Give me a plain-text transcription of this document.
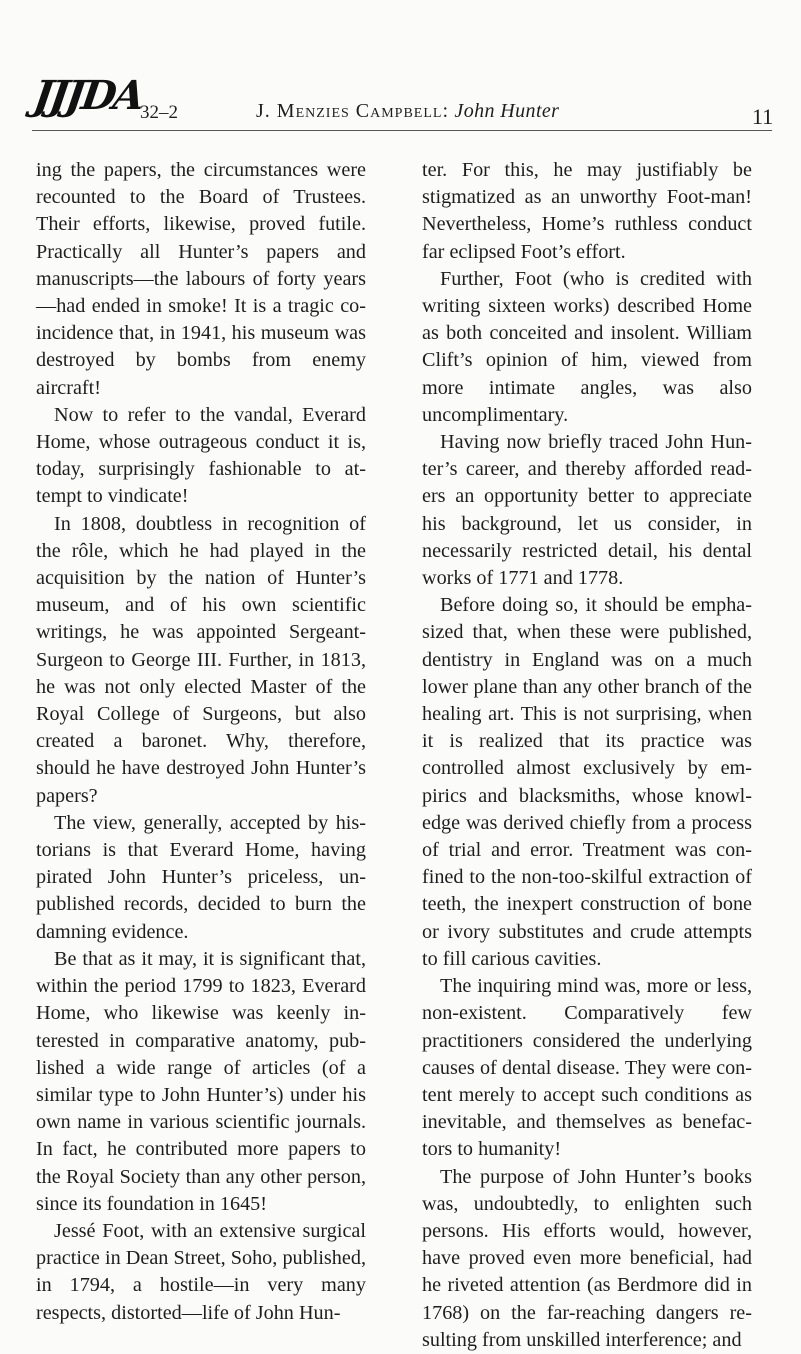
JJJDA
32–2	J. Menzies Campbell: John Hunter	11

ing the papers, the circumstances were recounted to the Board of Trustees. Their efforts, likewise, proved futile. Practically all Hunter’s papers and manuscripts—the labours of forty years —had ended in smoke! It is a tragic coincidence that, in 1941, his museum was destroyed by bombs from enemy aircraft!

Now to refer to the vandal, Everard Home, whose outrageous conduct it is, today, surprisingly fashionable to attempt to vindicate!

In 1808, doubtless in recognition of the rôle, which he had played in the acquisition by the nation of Hunter’s museum, and of his own scientific writings, he was appointed Sergeant-Surgeon to George III. Further, in 1813, he was not only elected Master of the Royal College of Surgeons, but also created a baronet. Why, therefore, should he have destroyed John Hunter’s papers?

The view, generally, accepted by historians is that Everard Home, having pirated John Hunter’s priceless, unpublished records, decided to burn the damning evidence.

Be that as it may, it is significant that, within the period 1799 to 1823, Everard Home, who likewise was keenly interested in comparative anatomy, published a wide range of articles (of a similar type to John Hunter’s) under his own name in various scientific journals. In fact, he contributed more papers to the Royal Society than any other person, since its foundation in 1645!

Jessé Foot, with an extensive surgical practice in Dean Street, Soho, published, in 1794, a hostile—in very many respects, distorted—life of John Hun-

ter. For this, he may justifiably be stigmatized as an unworthy Foot-man! Nevertheless, Home’s ruthless conduct far eclipsed Foot’s effort.

Further, Foot (who is credited with writing sixteen works) described Home as both conceited and insolent. William Clift’s opinion of him, viewed from more intimate angles, was also uncomplimentary.

Having now briefly traced John Hunter’s career, and thereby afforded readers an opportunity better to appreciate his background, let us consider, in necessarily restricted detail, his dental works of 1771 and 1778.

Before doing so, it should be emphasized that, when these were published, dentistry in England was on a much lower plane than any other branch of the healing art. This is not surprising, when it is realized that its practice was controlled almost exclusively by empirics and blacksmiths, whose knowledge was derived chiefly from a process of trial and error. Treatment was confined to the non-too-skilful extraction of teeth, the inexpert construction of bone or ivory substitutes and crude attempts to fill carious cavities.

The inquiring mind was, more or less, non-existent. Comparatively few practitioners considered the underlying causes of dental disease. They were content merely to accept such conditions as inevitable, and themselves as benefactors to humanity!

The purpose of John Hunter’s books was, undoubtedly, to enlighten such persons. His efforts would, however, have proved even more beneficial, had he riveted attention (as Berdmore did in 1768) on the far-reaching dangers resulting from unskilled interference; and
